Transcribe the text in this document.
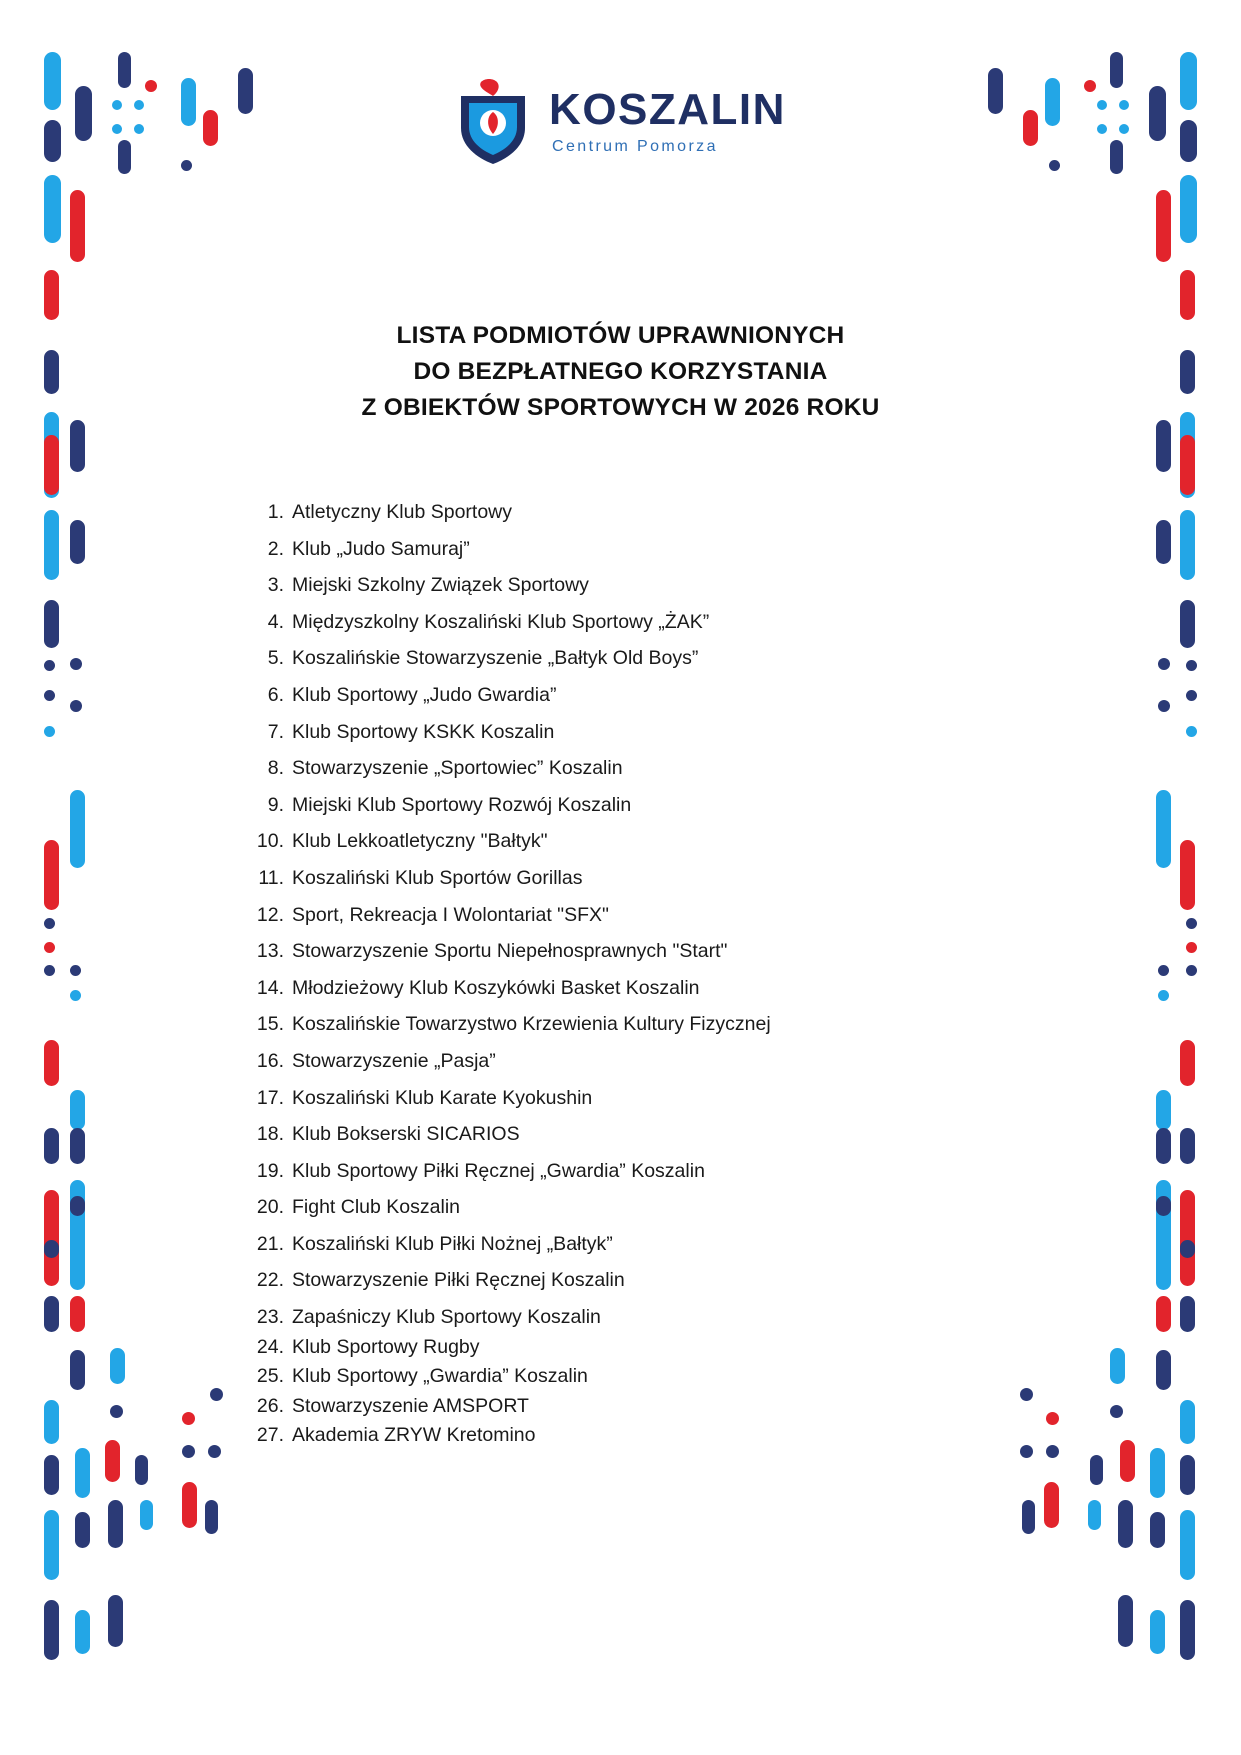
KOSZALIN
Centrum Pomorza
LISTA PODMIOTÓW UPRAWNIONYCH
DO BEZPŁATNEGO KORZYSTANIA
Z OBIEKTÓW SPORTOWYCH W 2026 ROKU
1. Atletyczny Klub Sportowy
2. Klub „Judo Samuraj”
3. Miejski Szkolny Związek Sportowy
4. Międzyszkolny Koszaliński Klub Sportowy „ŻAK”
5. Koszalińskie Stowarzyszenie „Bałtyk Old Boys”
6. Klub Sportowy „Judo Gwardia”
7. Klub Sportowy KSKK Koszalin
8. Stowarzyszenie „Sportowiec” Koszalin
9. Miejski Klub Sportowy Rozwój Koszalin
10. Klub Lekkoatletyczny "Bałtyk"
11. Koszaliński Klub Sportów Gorillas
12. Sport, Rekreacja I Wolontariat "SFX"
13. Stowarzyszenie Sportu Niepełnosprawnych "Start"
14. Młodzieżowy Klub Koszykówki Basket Koszalin
15. Koszalińskie Towarzystwo Krzewienia Kultury Fizycznej
16. Stowarzyszenie „Pasja”
17. Koszaliński Klub Karate Kyokushin
18. Klub Bokserski SICARIOS
19. Klub Sportowy Piłki Ręcznej „Gwardia” Koszalin
20. Fight Club Koszalin
21. Koszaliński Klub Piłki Nożnej „Bałtyk”
22. Stowarzyszenie Piłki Ręcznej Koszalin
23. Zapaśniczy Klub Sportowy Koszalin
24. Klub Sportowy Rugby
25. Klub Sportowy „Gwardia” Koszalin
26. Stowarzyszenie AMSPORT
27. Akademia ZRYW Kretomino
